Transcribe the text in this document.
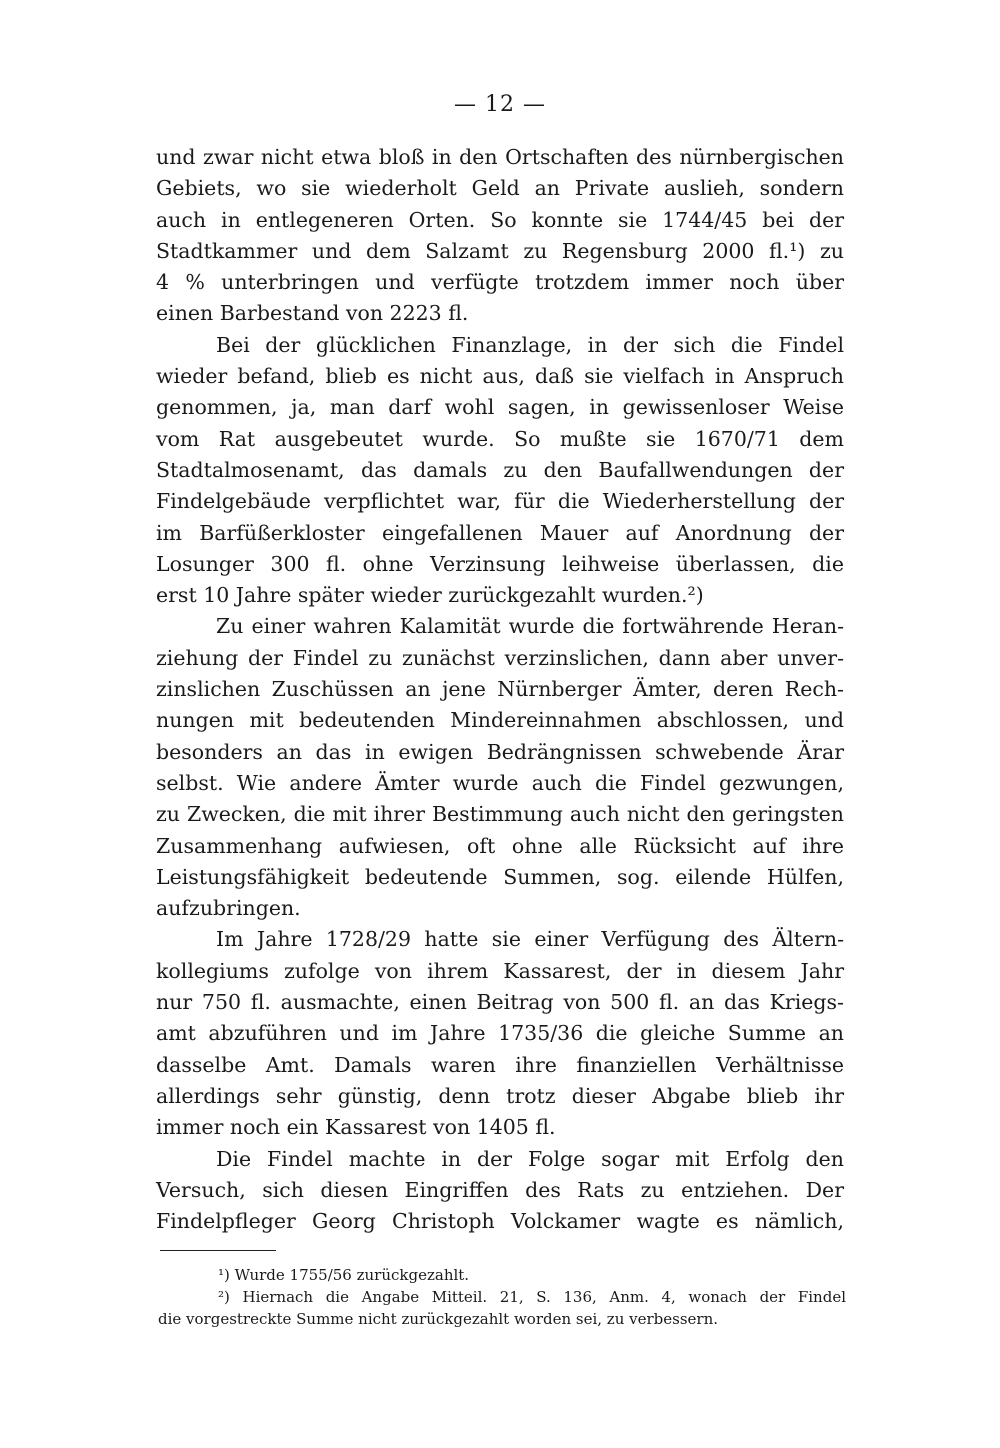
— 12 —

und zwar nicht etwa bloß in den Ortschaften des nürnbergischen
Gebiets, wo sie wiederholt Geld an Private auslieh, sondern
auch in entlegeneren Orten. So konnte sie 1744/45 bei der
Stadtkammer und dem Salzamt zu Regensburg 2000 fl.¹) zu
4 % unterbringen und verfügte trotzdem immer noch über
einen Barbestand von 2223 fl.

Bei der glücklichen Finanzlage, in der sich die Findel
wieder befand, blieb es nicht aus, daß sie vielfach in Anspruch
genommen, ja, man darf wohl sagen, in gewissenloser Weise
vom Rat ausgebeutet wurde. So mußte sie 1670/71 dem
Stadtalmosenamt, das damals zu den Baufallwendungen der
Findelgebäude verpflichtet war, für die Wiederherstellung der
im Barfüßerkloster eingefallenen Mauer auf Anordnung der
Losunger 300 fl. ohne Verzinsung leihweise überlassen, die
erst 10 Jahre später wieder zurückgezahlt wurden.²)

Zu einer wahren Kalamität wurde die fortwährende Heran-
ziehung der Findel zu zunächst verzinslichen, dann aber unver-
zinslichen Zuschüssen an jene Nürnberger Ämter, deren Rech-
nungen mit bedeutenden Mindereinnahmen abschlossen, und
besonders an das in ewigen Bedrängnissen schwebende Ärar
selbst. Wie andere Ämter wurde auch die Findel gezwungen,
zu Zwecken, die mit ihrer Bestimmung auch nicht den geringsten
Zusammenhang aufwiesen, oft ohne alle Rücksicht auf ihre
Leistungsfähigkeit bedeutende Summen, sog. eilende Hülfen,
aufzubringen.

Im Jahre 1728/29 hatte sie einer Verfügung des Ältern-
kollegiums zufolge von ihrem Kassarest, der in diesem Jahr
nur 750 fl. ausmachte, einen Beitrag von 500 fl. an das Kriegs-
amt abzuführen und im Jahre 1735/36 die gleiche Summe an
dasselbe Amt. Damals waren ihre finanziellen Verhältnisse
allerdings sehr günstig, denn trotz dieser Abgabe blieb ihr
immer noch ein Kassarest von 1405 fl.

Die Findel machte in der Folge sogar mit Erfolg den
Versuch, sich diesen Eingriffen des Rats zu entziehen. Der
Findelpfleger Georg Christoph Volckamer wagte es nämlich,

¹) Wurde 1755/56 zurückgezahlt.
²) Hiernach die Angabe Mitteil. 21, S. 136, Anm. 4, wonach der Findel
die vorgestreckte Summe nicht zurückgezahlt worden sei, zu verbessern.
